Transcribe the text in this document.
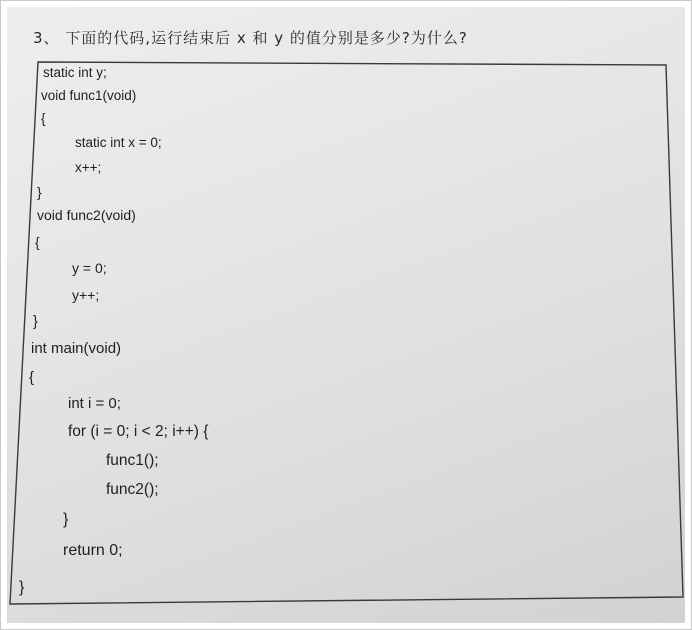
3、 下面的代码,运行结束后 x 和 y 的值分别是多少?为什么?

static int y;

void func1(void)

{

static int x = 0;

x++;

}

void func2(void)

{

y = 0;

y++;

}

int main(void)

{

int i = 0;

for (i = 0; i < 2; i++) {

func1();

func2();

}

return 0;

}
